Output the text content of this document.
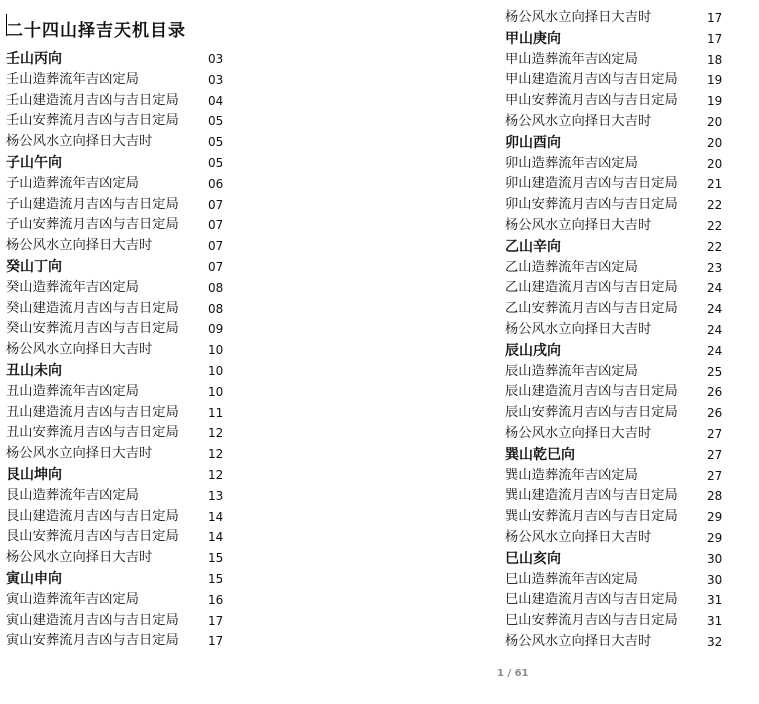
二十四山择吉天机目录
壬山丙向	03
壬山造葬流年吉凶定局	03
壬山建造流月吉凶与吉日定局 04
壬山安葬流月吉凶与吉日定局 05
杨公风水立向择日大吉时	05
子山午向	05
子山造葬流年吉凶定局	06
子山建造流月吉凶与吉日定局 07
子山安葬流月吉凶与吉日定局 07
杨公风水立向择日大吉时	07
癸山丁向	07
癸山造葬流年吉凶定局	08
癸山建造流月吉凶与吉日定局 08
癸山安葬流月吉凶与吉日定局 09
杨公风水立向择日大吉时	10
丑山未向	10
丑山造葬流年吉凶定局	10
丑山建造流月吉凶与吉日定局 11
丑山安葬流月吉凶与吉日定局 12
杨公风水立向择日大吉时	12
艮山坤向	12
艮山造葬流年吉凶定局	13
艮山建造流月吉凶与吉日定局 14
艮山安葬流月吉凶与吉日定局 14
杨公风水立向择日大吉时	15
寅山申向	15
寅山造葬流年吉凶定局	16
寅山建造流月吉凶与吉日定局 17
寅山安葬流月吉凶与吉日定局 17
杨公风水立向择日大吉时	17
甲山庚向	17
甲山造葬流年吉凶定局	18
甲山建造流月吉凶与吉日定局 19
甲山安葬流月吉凶与吉日定局 19
杨公风水立向择日大吉时	20
卯山酉向	20
卯山造葬流年吉凶定局	20
卯山建造流月吉凶与吉日定局 21
卯山安葬流月吉凶与吉日定局 22
杨公风水立向择日大吉时	22
乙山辛向	22
乙山造葬流年吉凶定局	23
乙山建造流月吉凶与吉日定局 24
乙山安葬流月吉凶与吉日定局 24
杨公风水立向择日大吉时	24
辰山戌向	24
辰山造葬流年吉凶定局	25
辰山建造流月吉凶与吉日定局 26
辰山安葬流月吉凶与吉日定局 26
杨公风水立向择日大吉时	27
巽山乾巳向	27
巽山造葬流年吉凶定局	27
巽山建造流月吉凶与吉日定局 28
巽山安葬流月吉凶与吉日定局 29
杨公风水立向择日大吉时	29
巳山亥向	30
巳山造葬流年吉凶定局	30
巳山建造流月吉凶与吉日定局 31
巳山安葬流月吉凶与吉日定局 31
杨公风水立向择日大吉时	32
1 / 61
